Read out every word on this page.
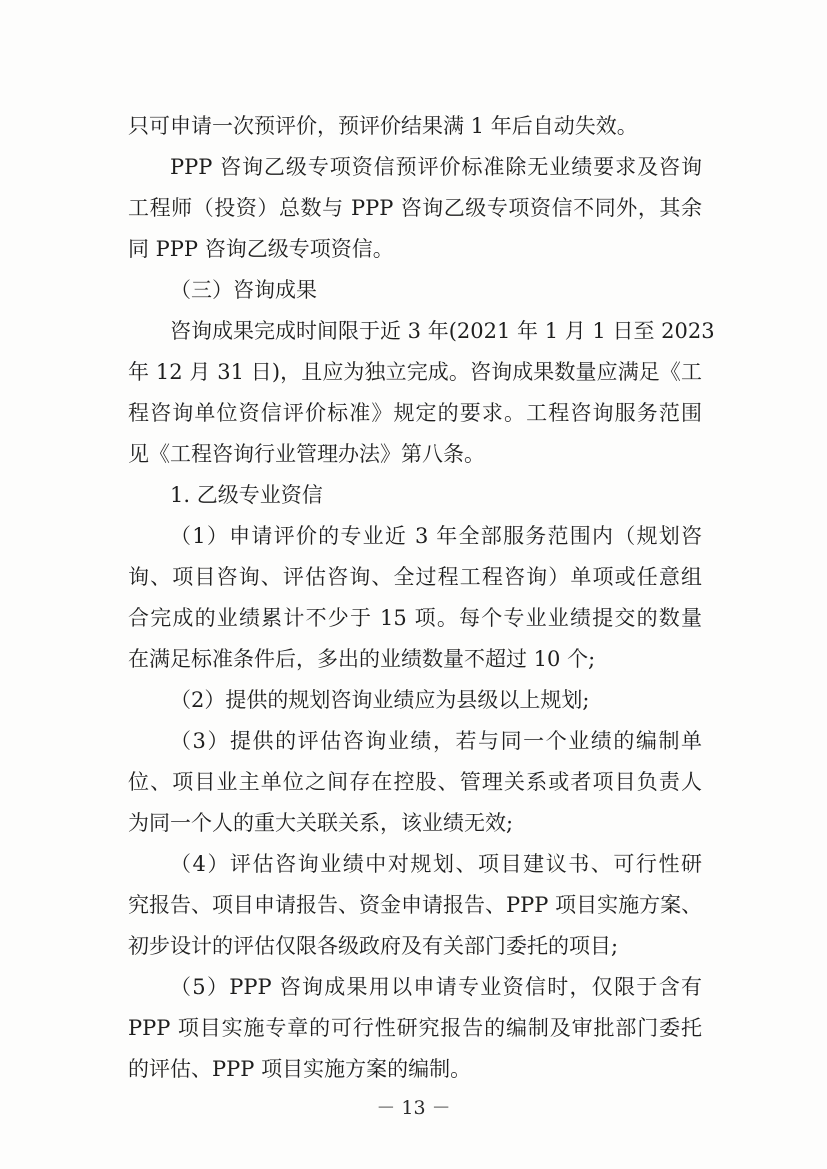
只可申请一次预评价，预评价结果满 1 年后自动失效。
PPP 咨询乙级专项资信预评价标准除无业绩要求及咨询
工程师（投资）总数与 PPP 咨询乙级专项资信不同外，其余
同 PPP 咨询乙级专项资信。
（三）咨询成果
咨询成果完成时间限于近 3 年(2021 年 1 月 1 日至 2023
年 12 月 31 日)，且应为独立完成。咨询成果数量应满足《工
程咨询单位资信评价标准》规定的要求。工程咨询服务范围
见《工程咨询行业管理办法》第八条。
1. 乙级专业资信
（1）申请评价的专业近 3 年全部服务范围内（规划咨
询、项目咨询、评估咨询、全过程工程咨询）单项或任意组
合完成的业绩累计不少于 15 项。每个专业业绩提交的数量
在满足标准条件后，多出的业绩数量不超过 10 个;
（2）提供的规划咨询业绩应为县级以上规划;
（3）提供的评估咨询业绩，若与同一个业绩的编制单
位、项目业主单位之间存在控股、管理关系或者项目负责人
为同一个人的重大关联关系，该业绩无效;
（4）评估咨询业绩中对规划、项目建议书、可行性研
究报告、项目申请报告、资金申请报告、PPP 项目实施方案、
初步设计的评估仅限各级政府及有关部门委托的项目;
（5）PPP 咨询成果用以申请专业资信时，仅限于含有
PPP 项目实施专章的可行性研究报告的编制及审批部门委托
的评估、PPP 项目实施方案的编制。
－ 13 －
